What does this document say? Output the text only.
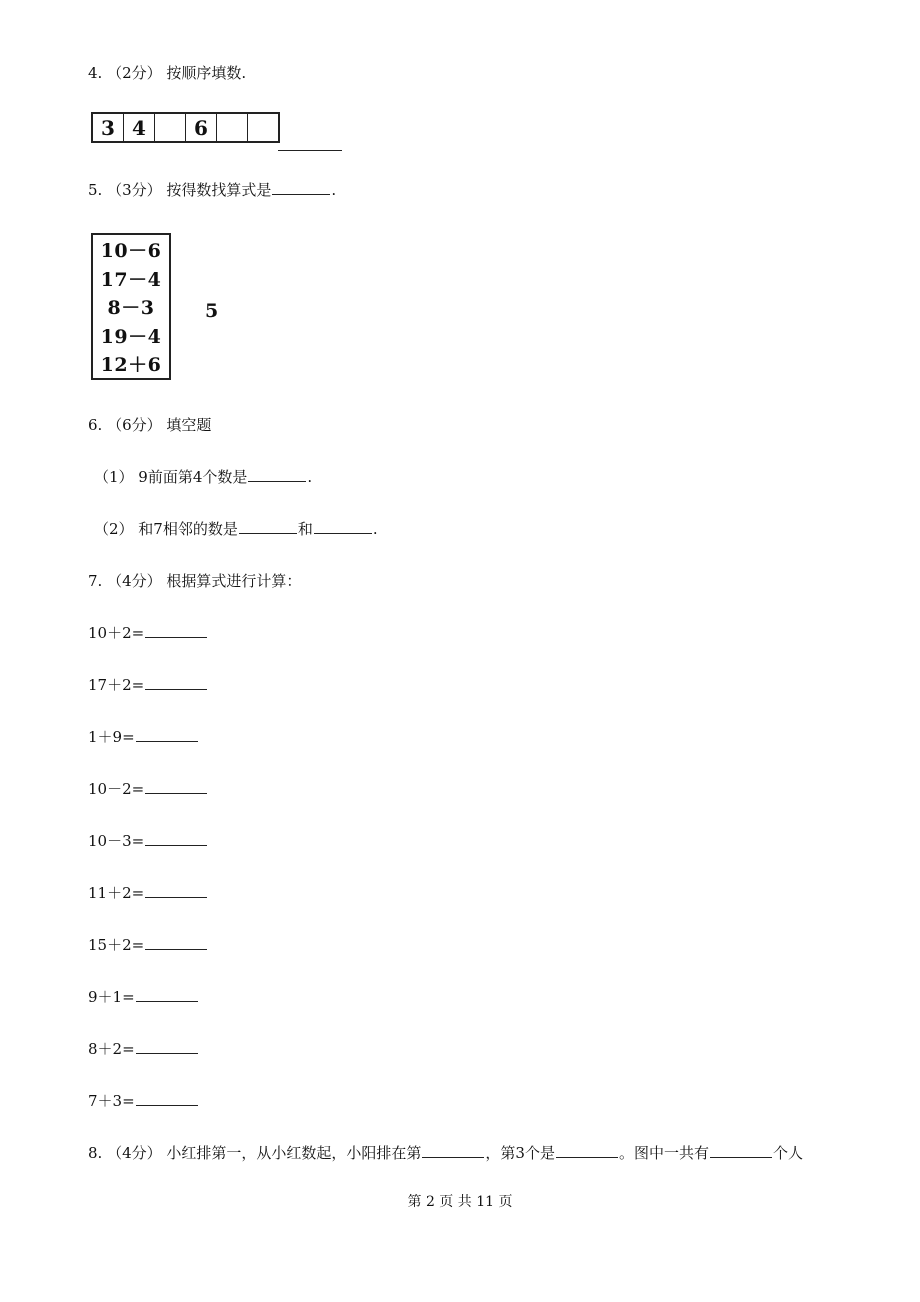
4. （2分） 按顺序填数.
3 4	6
5. （3分） 按得数找算式是	.
10－6
17－4
8－3
19－4
12＋6
5
6. （6分） 填空题
（1） 9前面第4个数是	.
（2） 和7相邻的数是	和	.
7. （4分） 根据算式进行计算：
10＋2=
17＋2=
1＋9=
10－2=
10－3=
11＋2=
15＋2=
9＋1=
8＋2=
7＋3=
8. （4分） 小红排第一，从小红数起，小阳排在第	，第3个是	。图中一共有	个人
第 2 页 共 11 页
